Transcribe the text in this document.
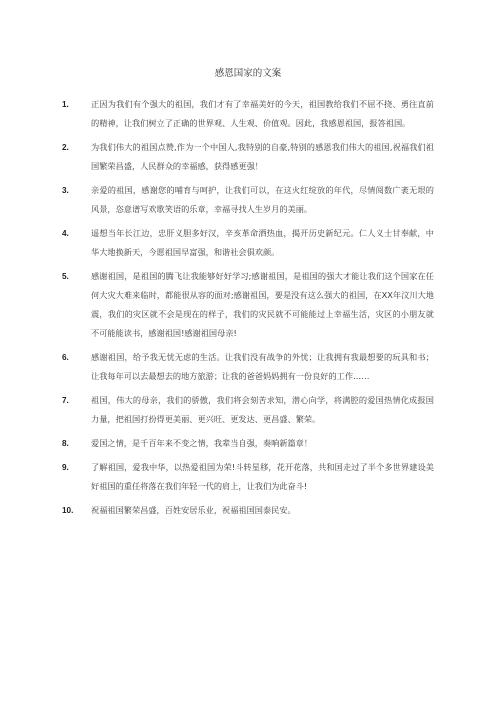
感恩国家的文案
1.	正因为我们有个强大的祖国，我们才有了幸福美好的今天，祖国教给我们不屈不挠、勇往直前的精神，让我们树立了正确的世界观、人生观、价值观。因此，我感恩祖国，报答祖国。
2.	为我们伟大的祖国点赞,作为一个中国人,我特别的自豪,特别的感恩我们伟大的祖国,祝福我们祖国繁荣昌盛，人民群众的幸福感，获得感更强！
3.	亲爱的祖国，感谢您的哺育与呵护，让我们可以，在这火红绽放的年代，尽情阅数广袤无垠的风景，恣意谱写欢歌笑语的乐章，幸福寻找人生岁月的美丽。
4.	遥想当年长江边，忠肝义胆多好汉，辛亥革命洒热血，揭开历史新纪元。仁人义士甘奉献，中华大地换新天，今愿祖国早富强，和谐社会俱欢颜。
5.	感谢祖国，是祖国的腾飞让我能够好好学习;感谢祖国，是祖国的强大才能让我们这个国家在任何大灾大难来临时，都能很从容的面对;感谢祖国，要是没有这么强大的祖国，在XX年汶川大地震，我们的灾区就不会是现在的样子，我们的灾民就不可能能过上幸福生活，灾区的小朋友就不可能能读书，感谢祖国!感谢祖国母亲!
6.	感谢祖国，给予我无忧无虑的生活。让我们没有战争的外忧；让我拥有我最想要的玩具和书；让我每年可以去最想去的地方旅游；让我的爸爸妈妈拥有一份良好的工作……
7.	祖国，伟大的母亲，我们的骄傲，我们将会刻苦求知，潜心向学，将满腔的爱国热情化成报国力量，把祖国打扮得更美丽、更兴旺、更发达、更昌盛、繁荣。
8.	爱国之情，是千百年来不变之情，我辈当自强，奏响新篇章！
9.	了解祖国，爱我中华，以热爱祖国为荣!斗转星移，花开花落，共和国走过了半个多世界建设美好祖国的重任将落在我们年轻一代的肩上，让我们为此奋斗!
10. 祝福祖国繁荣昌盛，百姓安居乐业，祝福祖国国泰民安。
